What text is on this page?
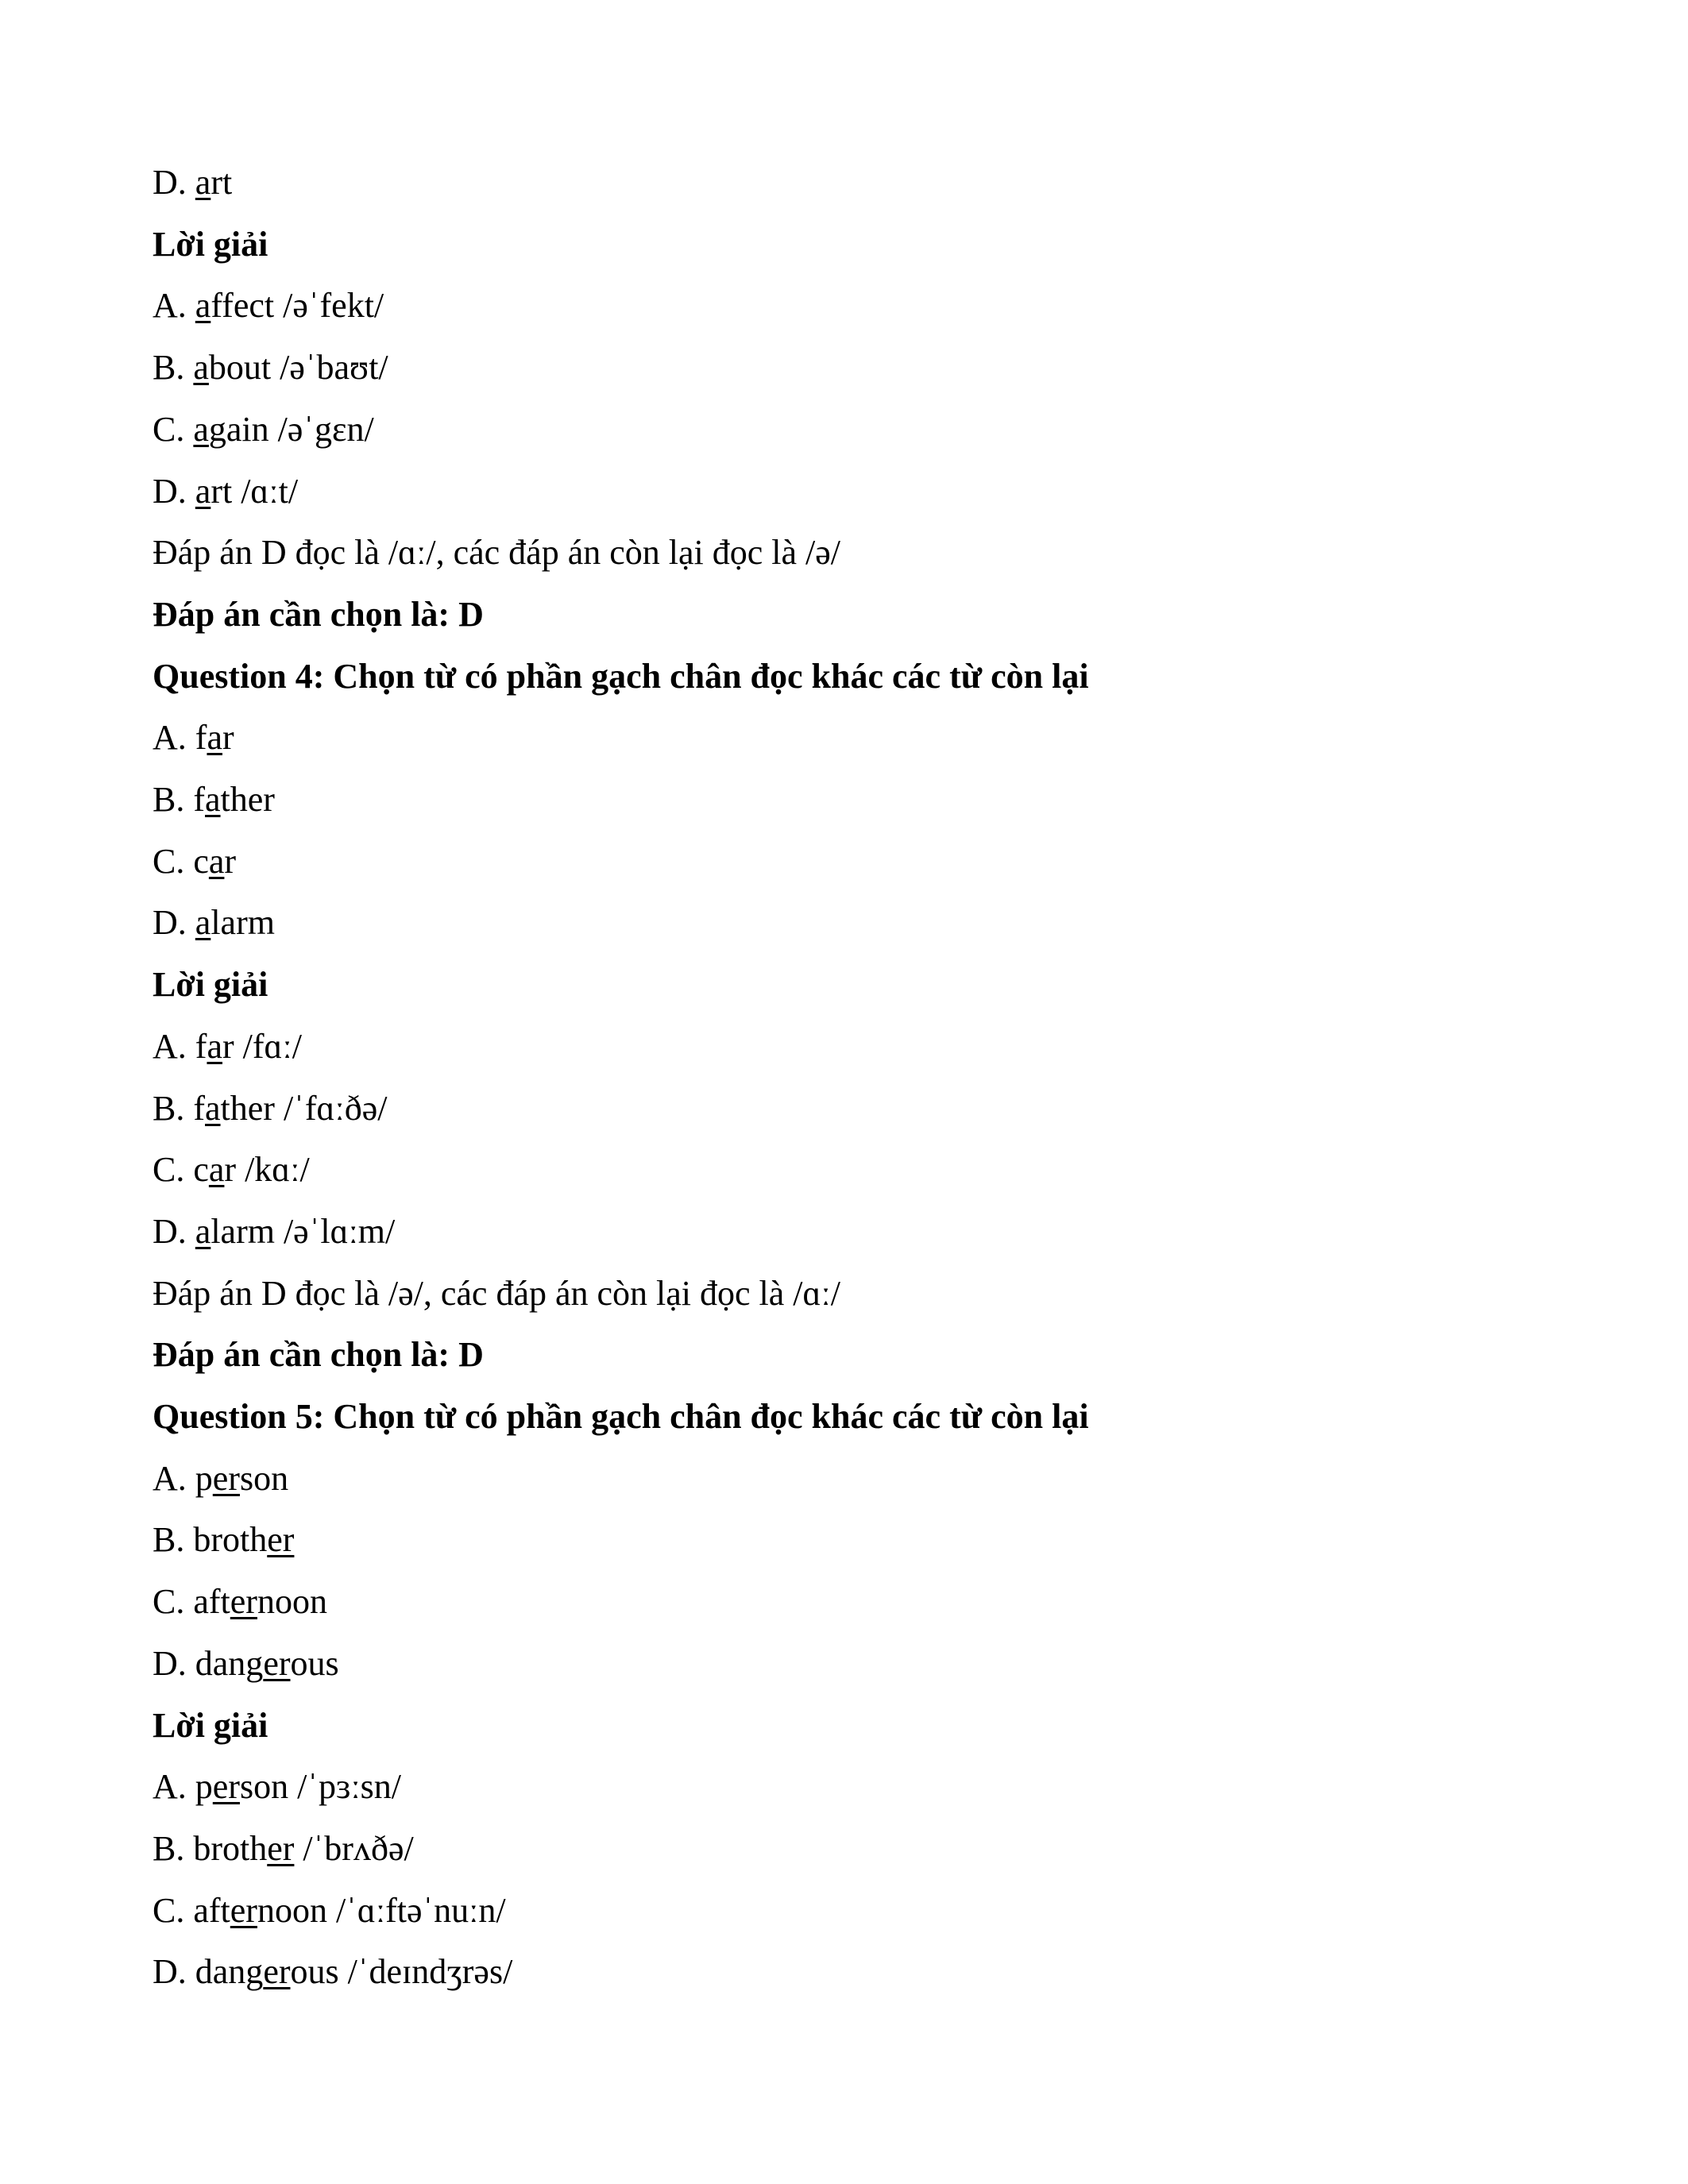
D. art

Lời giải

A. affect /əˈfekt/

B. about /əˈbaʊt/

C. again /əˈgɛn/

D. art /ɑːt/

Đáp án D đọc là /ɑː/, các đáp án còn lại đọc là /ə/

Đáp án cần chọn là: D

Question 4: Chọn từ có phần gạch chân đọc khác các từ còn lại

A. far

B. father

C. car

D. alarm

Lời giải

A. far /fɑː/

B. father /ˈfɑːðə/

C. car /kɑː/

D. alarm /əˈlɑːm/

Đáp án D đọc là /ə/, các đáp án còn lại đọc là /ɑː/

Đáp án cần chọn là: D

Question 5: Chọn từ có phần gạch chân đọc khác các từ còn lại

A. person

B. brother

C. afternoon

D. dangerous

Lời giải

A. person /ˈpɜːsn/

B. brother /ˈbrʌðə/

C. afternoon /ˈɑːftəˈnuːn/

D. dangerous /ˈdeɪndʒrəs/
